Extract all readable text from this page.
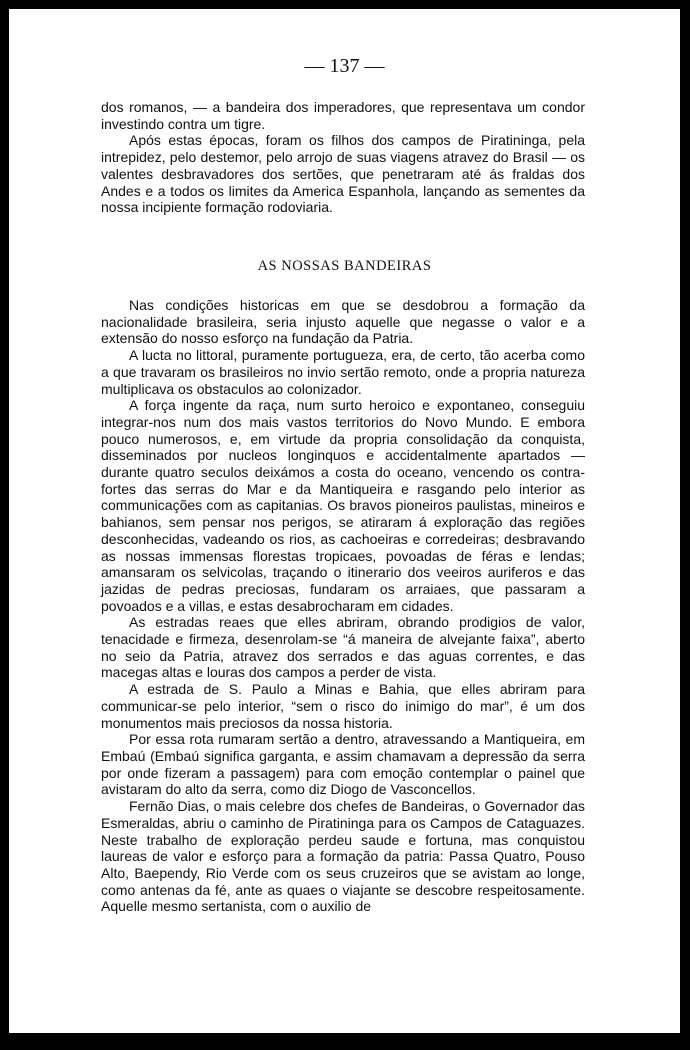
— 137 —

dos romanos, — a bandeira dos imperadores, que representava um condor investindo contra um tigre.

Após estas épocas, foram os filhos dos campos de Piratininga, pela intrepidez, pelo destemor, pelo arrojo de suas viagens atravez do Brasil — os valentes desbravadores dos sertões, que penetraram até ás fraldas dos Andes e a todos os limites da America Espanhola, lançando as sementes da nossa incipiente formação rodoviaria.

AS NOSSAS BANDEIRAS

Nas condições historicas em que se desdobrou a formação da nacionalidade brasileira, seria injusto aquelle que negasse o valor e a extensão do nosso esforço na fundação da Patria.

A lucta no littoral, puramente portugueza, era, de certo, tão acerba como a que travaram os brasileiros no invio sertão remoto, onde a propria natureza multiplicava os obstaculos ao colonizador.

A força ingente da raça, num surto heroico e expontaneo, conseguiu integrar-nos num dos mais vastos territorios do Novo Mundo. E embora pouco numerosos, e, em virtude da propria consolidação da conquista, disseminados por nucleos longinquos e accidentalmente apartados — durante quatro seculos deixámos a costa do oceano, vencendo os contra-fortes das serras do Mar e da Mantiqueira e rasgando pelo interior as communicações com as capitanias. Os bravos pioneiros paulistas, mineiros e bahianos, sem pensar nos perigos, se atiraram á exploração das regiões desconhecidas, vadeando os rios, as cachoeiras e corredeiras; desbravando as nossas immensas florestas tropicaes, povoadas de féras e lendas; amansaram os selvicolas, traçando o itinerario dos veeiros auriferos e das jazidas de pedras preciosas, fundaram os arraiaes, que passaram a povoados e a villas, e estas desabrocharam em cidades.

As estradas reaes que elles abriram, obrando prodigios de valor, tenacidade e firmeza, desenrolam-se “á maneira de alvejante faixa”, aberto no seio da Patria, atravez dos serrados e das aguas correntes, e das macegas altas e louras dos campos a perder de vista.

A estrada de S. Paulo a Minas e Bahia, que elles abriram para communicar-se pelo interior, “sem o risco do inimigo do mar”, é um dos monumentos mais preciosos da nossa historia.

Por essa rota rumaram sertão a dentro, atravessando a Mantiqueira, em Embaú (Embaú significa garganta, e assim chamavam a depressão da serra por onde fizeram a passagem) para com emoção contemplar o painel que avistaram do alto da serra, como diz Diogo de Vasconcellos.

Fernão Dias, o mais celebre dos chefes de Bandeiras, o Governador das Esmeraldas, abriu o caminho de Piratininga para os Campos de Cataguazes. Neste trabalho de exploração perdeu saude e fortuna, mas conquistou laureas de valor e esforço para a formação da patria: Passa Quatro, Pouso Alto, Baependy, Rio Verde com os seus cruzeiros que se avistam ao longe, como antenas da fé, ante as quaes o viajante se descobre respeitosamente. Aquelle mesmo sertanista, com o auxilio de
